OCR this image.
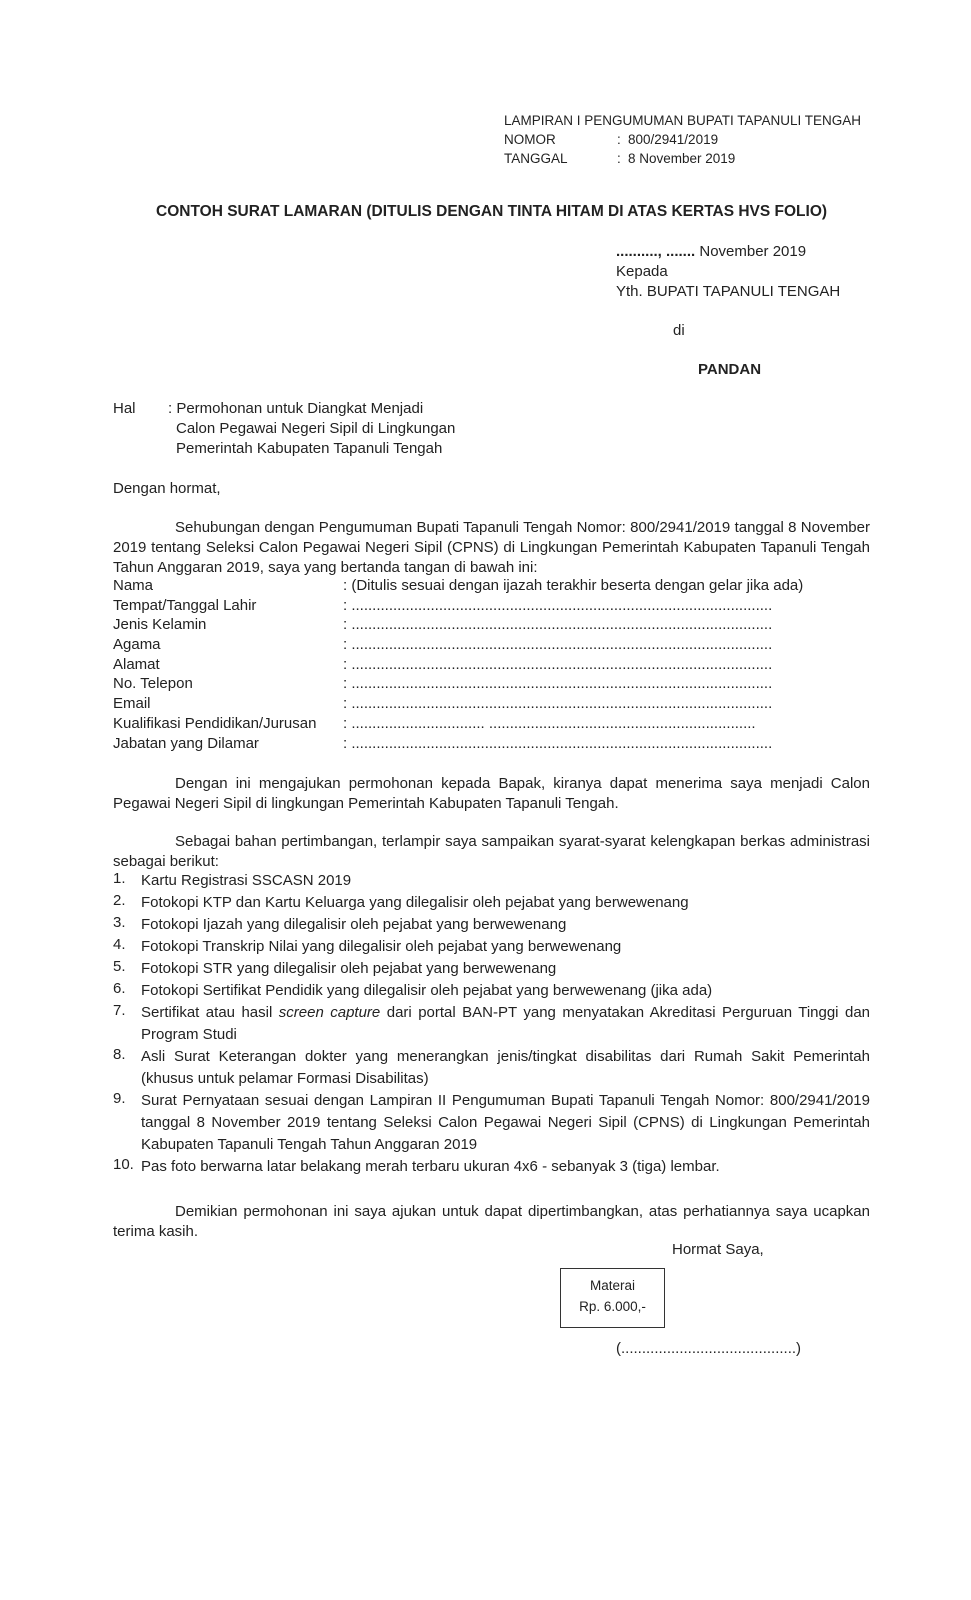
LAMPIRAN I PENGUMUMAN BUPATI TAPANULI TENGAH
NOMOR	: 800/2941/2019
TANGGAL	: 8 November 2019
CONTOH SURAT LAMARAN (DITULIS DENGAN TINTA HITAM DI ATAS KERTAS HVS FOLIO)
.........., ....... November 2019
Kepada
Yth. BUPATI TAPANULI TENGAH
di
PANDAN
Hal : Permohonan untuk Diangkat Menjadi
Calon Pegawai Negeri Sipil di Lingkungan
Pemerintah Kabupaten Tapanuli Tengah
Dengan hormat,
Sehubungan dengan Pengumuman Bupati Tapanuli Tengah Nomor: 800/2941/2019 tanggal 8 November 2019 tentang Seleksi Calon Pegawai Negeri Sipil (CPNS) di Lingkungan Pemerintah Kabupaten Tapanuli Tengah Tahun Anggaran 2019, saya yang bertanda tangan di bawah ini:
Nama	: (Ditulis sesuai dengan ijazah terakhir beserta dengan gelar jika ada)
Tempat/Tanggal Lahir	: .....................................................................................................
Jenis Kelamin	: .....................................................................................................
Agama	: .....................................................................................................
Alamat	: .....................................................................................................
No. Telepon	: .....................................................................................................
Email	: .....................................................................................................
Kualifikasi Pendidikan/Jurusan	: ................................ ................................................................
Jabatan yang Dilamar	: .....................................................................................................
Dengan ini mengajukan permohonan kepada Bapak, kiranya dapat menerima saya menjadi Calon Pegawai Negeri Sipil di lingkungan Pemerintah Kabupaten Tapanuli Tengah.
Sebagai bahan pertimbangan, terlampir saya sampaikan syarat-syarat kelengkapan berkas administrasi sebagai berikut:
1.	Kartu Registrasi SSCASN 2019
2.	Fotokopi KTP dan Kartu Keluarga yang dilegalisir oleh pejabat yang berwewenang
3.	Fotokopi Ijazah yang dilegalisir oleh pejabat yang berwewenang
4.	Fotokopi Transkrip Nilai yang dilegalisir oleh pejabat yang berwewenang
5.	Fotokopi STR yang dilegalisir oleh pejabat yang berwewenang
6.	Fotokopi Sertifikat Pendidik yang dilegalisir oleh pejabat yang berwewenang (jika ada)
7.	Sertifikat atau hasil screen capture dari portal BAN-PT yang menyatakan Akreditasi Perguruan Tinggi dan Program Studi
8.	Asli Surat Keterangan dokter yang menerangkan jenis/tingkat disabilitas dari Rumah Sakit Pemerintah (khusus untuk pelamar Formasi Disabilitas)
9.	Surat Pernyataan sesuai dengan Lampiran II Pengumuman Bupati Tapanuli Tengah Nomor: 800/2941/2019 tanggal 8 November 2019 tentang Seleksi Calon Pegawai Negeri Sipil (CPNS) di Lingkungan Pemerintah Kabupaten Tapanuli Tengah Tahun Anggaran 2019
10. Pas foto berwarna latar belakang merah terbaru ukuran 4x6 - sebanyak 3 (tiga) lembar.
Demikian permohonan ini saya ajukan untuk dapat dipertimbangkan, atas perhatiannya saya ucapkan terima kasih.
Hormat Saya,
Materai
Rp. 6.000,-
(..........................................)
